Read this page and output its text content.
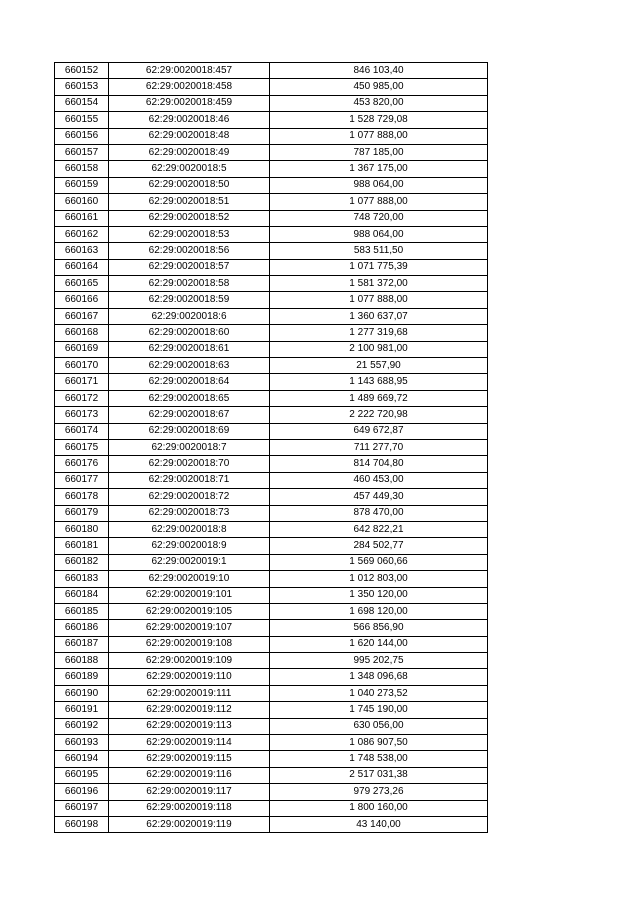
660152	62:29:0020018:457	846 103,40
660153	62:29:0020018:458	450 985,00
660154	62:29:0020018:459	453 820,00
660155	62:29:0020018:46	1 528 729,08
660156	62:29:0020018:48	1 077 888,00
660157	62:29:0020018:49	787 185,00
660158	62:29:0020018:5	1 367 175,00
660159	62:29:0020018:50	988 064,00
660160	62:29:0020018:51	1 077 888,00
660161	62:29:0020018:52	748 720,00
660162	62:29:0020018:53	988 064,00
660163	62:29:0020018:56	583 511,50
660164	62:29:0020018:57	1 071 775,39
660165	62:29:0020018:58	1 581 372,00
660166	62:29:0020018:59	1 077 888,00
660167	62:29:0020018:6	1 360 637,07
660168	62:29:0020018:60	1 277 319,68
660169	62:29:0020018:61	2 100 981,00
660170	62:29:0020018:63	21 557,90
660171	62:29:0020018:64	1 143 688,95
660172	62:29:0020018:65	1 489 669,72
660173	62:29:0020018:67	2 222 720,98
660174	62:29:0020018:69	649 672,87
660175	62:29:0020018:7	711 277,70
660176	62:29:0020018:70	814 704,80
660177	62:29:0020018:71	460 453,00
660178	62:29:0020018:72	457 449,30
660179	62:29:0020018:73	878 470,00
660180	62:29:0020018:8	642 822,21
660181	62:29:0020018:9	284 502,77
660182	62:29:0020019:1	1 569 060,66
660183	62:29:0020019:10	1 012 803,00
660184	62:29:0020019:101	1 350 120,00
660185	62:29:0020019:105	1 698 120,00
660186	62:29:0020019:107	566 856,90
660187	62:29:0020019:108	1 620 144,00
660188	62:29:0020019:109	995 202,75
660189	62:29:0020019:110	1 348 096,68
660190	62:29:0020019:111	1 040 273,52
660191	62:29:0020019:112	1 745 190,00
660192	62:29:0020019:113	630 056,00
660193	62:29:0020019:114	1 086 907,50
660194	62:29:0020019:115	1 748 538,00
660195	62:29:0020019:116	2 517 031,38
660196	62:29:0020019:117	979 273,26
660197	62:29:0020019:118	1 800 160,00
660198	62:29:0020019:119	43 140,00
